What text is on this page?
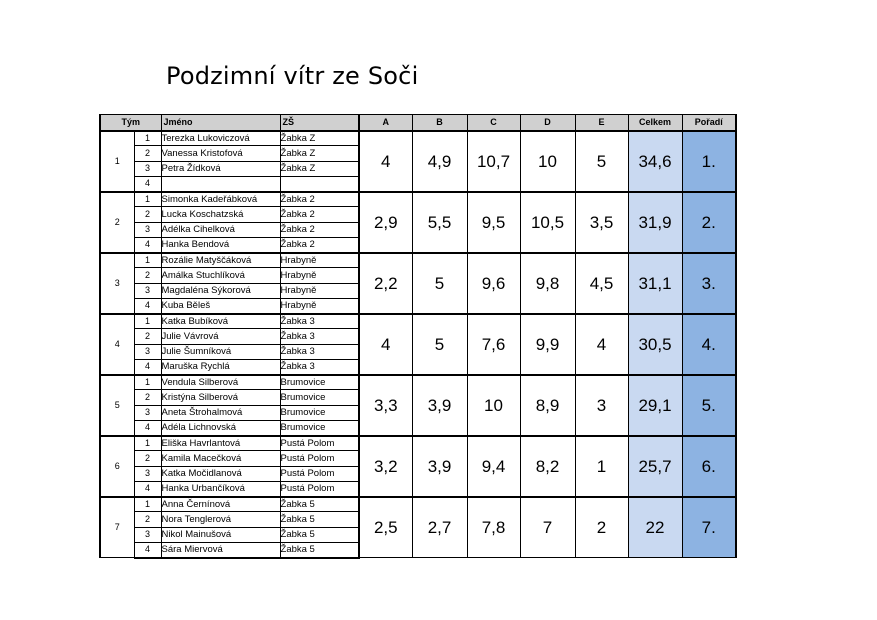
Podzimní vítr ze Soči
Tým		Jméno	ZŠ	A	B	C	D	E	Celkem	Pořadí
1	1	Terezka Lukoviczová	Žabka Z	4	4,9	10,7	10	5	34,6	1.
	2	Vanessa Kristofová	Žabka Z							
	3	Petra Žídková	Žabka Z							
	4									
2	1	Simonka Kadeřábková	Žabka 2	2,9	5,5	9,5	10,5	3,5	31,9	2.
	2	Lucka Koschatzská	Žabka 2							
	3	Adélka Cihelková	Žabka 2							
	4	Hanka Bendová	Žabka 2							
3	1	Rozálie Matyščáková	Hrabyně	2,2	5	9,6	9,8	4,5	31,1	3.
	2	Amálka Stuchlíková	Hrabyně							
	3	Magdaléna Sýkorová	Hrabyně							
	4	Kuba Běleš	Hrabyně							
4	1	Katka Bubíková	Žabka 3	4	5	7,6	9,9	4	30,5	4.
	2	Julie Vávrová	Žabka 3							
	3	Julie Šumníková	Žabka 3							
	4	Maruška Rychlá	Žabka 3							
5	1	Vendula Silberová	Brumovice	3,3	3,9	10	8,9	3	29,1	5.
	2	Kristýna Silberová	Brumovice							
	3	Aneta Štrohalmová	Brumovice							
	4	Adéla Lichnovská	Brumovice							
6	1	Eliška Havrlantová	Pustá Polom	3,2	3,9	9,4	8,2	1	25,7	6.
	2	Kamila Macečková	Pustá Polom							
	3	Katka Močidlanová	Pustá Polom							
	4	Hanka Urbančíková	Pustá Polom							
7	1	Anna Černínová	Žabka 5	2,5	2,7	7,8	7	2	22	7.
	2	Nora Tenglerová	Žabka 5							
	3	Nikol Mainušová	Žabka 5							
	4	Sára Miervová	Žabka 5							
